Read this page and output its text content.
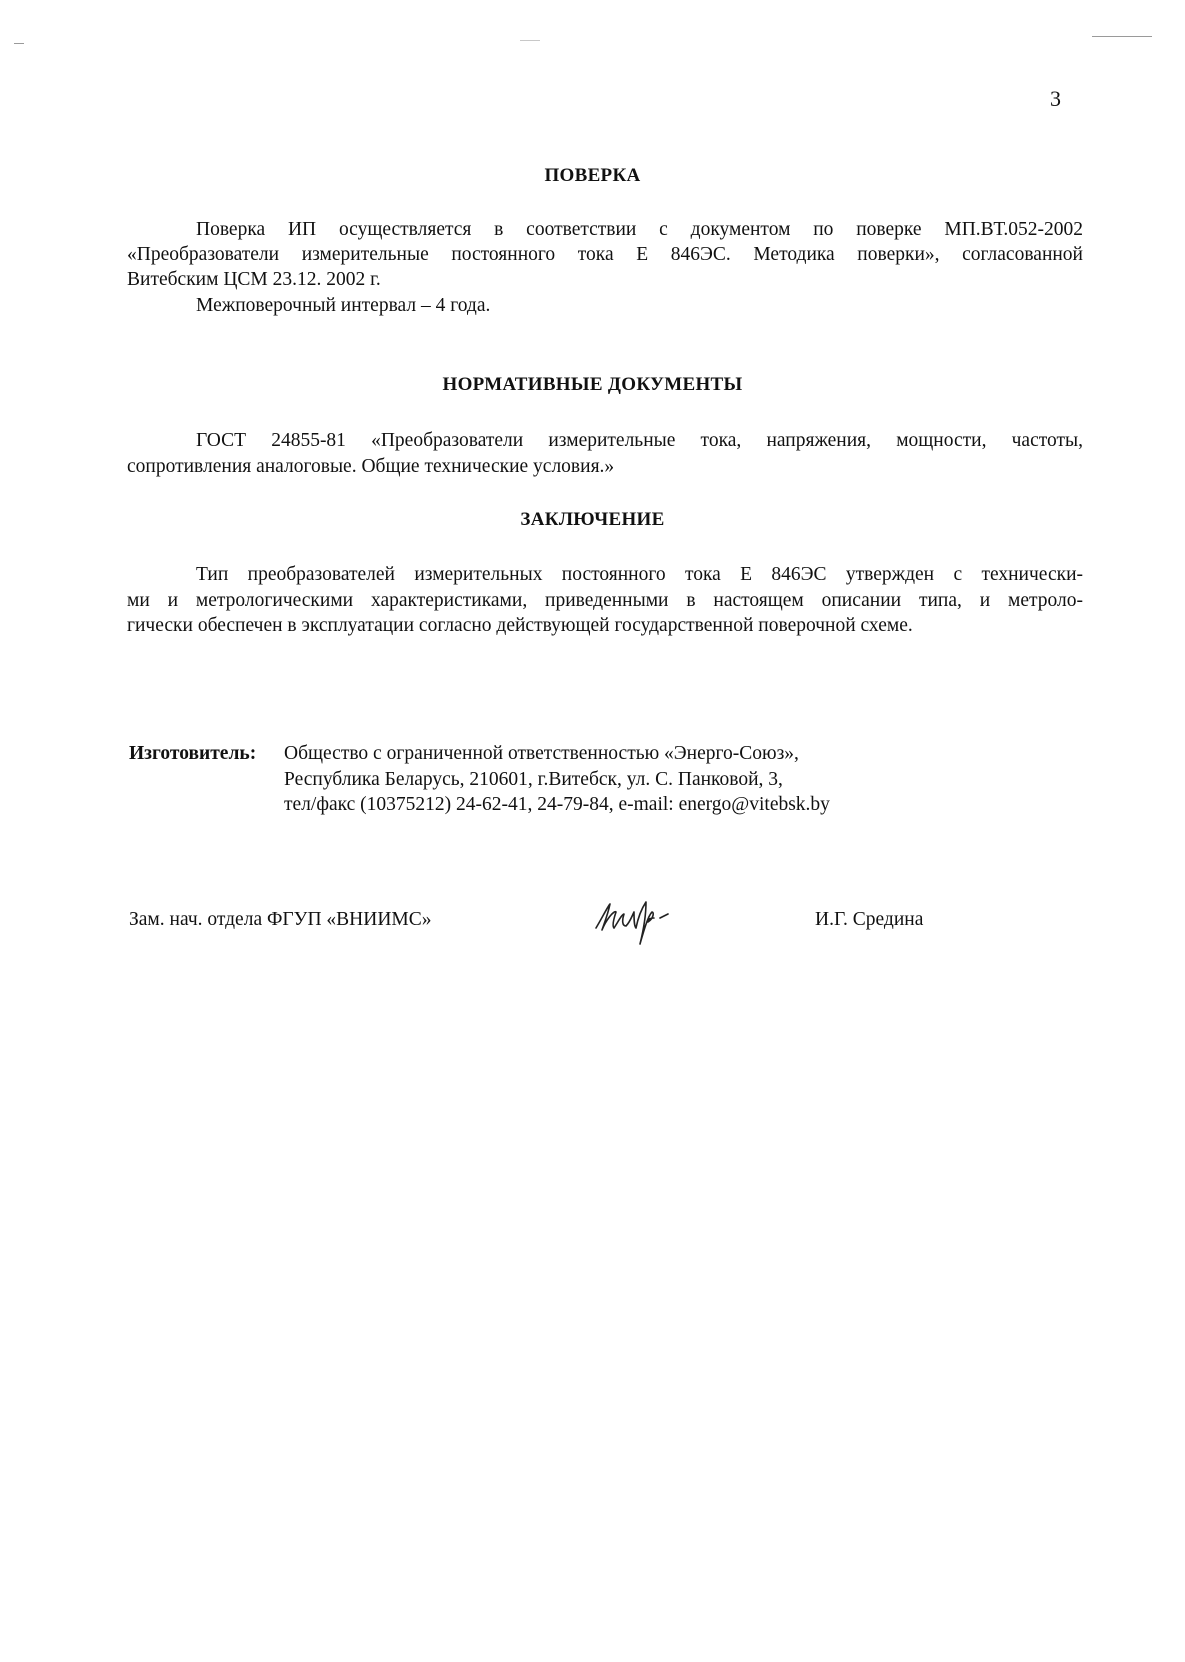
3
ПОВЕРКА
Поверка ИП осуществляется в соответствии с документом по поверке МП.ВТ.052-2002
«Преобразователи измерительные постоянного тока Е 846ЭС. Методика поверки», согласованной
Витебским ЦСМ 23.12. 2002 г.
Межповерочный интервал – 4 года.
НОРМАТИВНЫЕ ДОКУМЕНТЫ
ГОСТ 24855-81 «Преобразователи измерительные тока, напряжения, мощности, частоты,
сопротивления аналоговые. Общие технические условия.»
ЗАКЛЮЧЕНИЕ
Тип преобразователей измерительных постоянного тока Е 846ЭС утвержден с технически-
ми и метрологическими характеристиками, приведенными в настоящем описании типа, и метроло-
гически обеспечен в эксплуатации согласно действующей государственной поверочной схеме.
Изготовитель: Общество с ограниченной ответственностью «Энерго-Союз»,
Республика Беларусь, 210601, г.Витебск, ул. С. Панковой, 3,
тел/факс (10375212) 24-62-41, 24-79-84, e-mail: energo@vitebsk.by
Зам. нач. отдела ФГУП «ВНИИМС»	И.Г. Средина
